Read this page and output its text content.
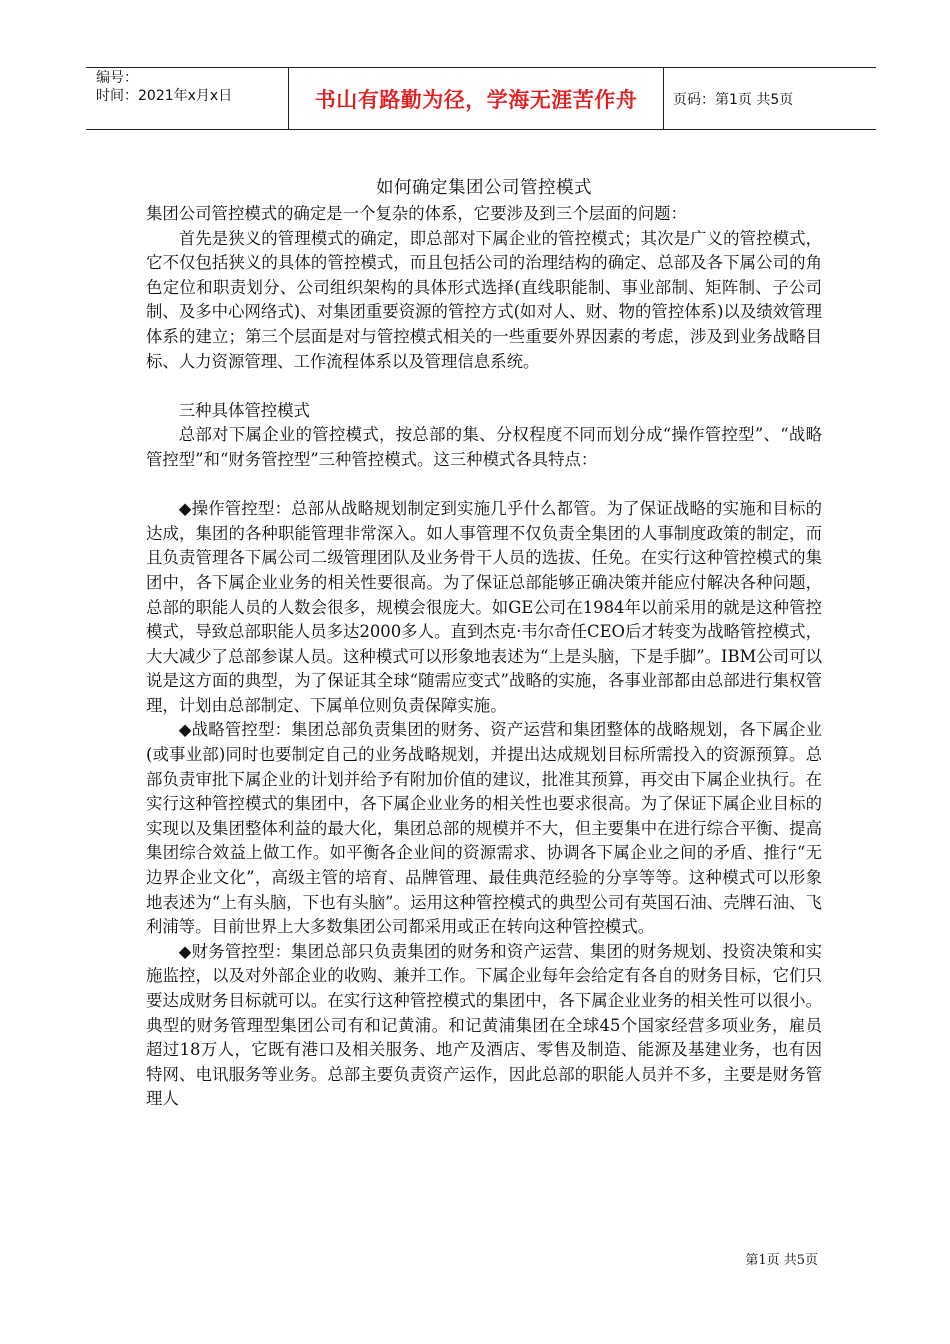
编号：
时间：2021年x月x日	书山有路勤为径，学海无涯苦作舟	页码：第1页 共5页
如何确定集团公司管控模式

集团公司管控模式的确定是一个复杂的体系，它要涉及到三个层面的问题：

首先是狭义的管理模式的确定，即总部对下属企业的管控模式；其次是广义的管控模式，它不仅包括狭义的具体的管控模式，而且包括公司的治理结构的确定、总部及各下属公司的角色定位和职责划分、公司组织架构的具体形式选择(直线职能制、事业部制、矩阵制、子公司制、及多中心网络式)、对集团重要资源的管控方式(如对人、财、物的管控体系)以及绩效管理体系的建立；第三个层面是对与管控模式相关的一些重要外界因素的考虑，涉及到业务战略目标、人力资源管理、工作流程体系以及管理信息系统。

三种具体管控模式

总部对下属企业的管控模式，按总部的集、分权程度不同而划分成“操作管控型”、“战略管控型”和“财务管控型”三种管控模式。这三种模式各具特点：

◆操作管控型：总部从战略规划制定到实施几乎什么都管。为了保证战略的实施和目标的达成，集团的各种职能管理非常深入。如人事管理不仅负责全集团的人事制度政策的制定，而且负责管理各下属公司二级管理团队及业务骨干人员的选拔、任免。在实行这种管控模式的集团中，各下属企业业务的相关性要很高。为了保证总部能够正确决策并能应付解决各种问题，总部的职能人员的人数会很多，规模会很庞大。如GE公司在1984年以前采用的就是这种管控模式，导致总部职能人员多达2000多人。直到杰克·韦尔奇任CEO后才转变为战略管控模式，大大减少了总部参谋人员。这种模式可以形象地表述为“上是头脑，下是手脚”。IBM公司可以说是这方面的典型，为了保证其全球“随需应变式”战略的实施，各事业部都由总部进行集权管理，计划由总部制定、下属单位则负责保障实施。

◆战略管控型：集团总部负责集团的财务、资产运营和集团整体的战略规划，各下属企业(或事业部)同时也要制定自己的业务战略规划，并提出达成规划目标所需投入的资源预算。总部负责审批下属企业的计划并给予有附加价值的建议，批准其预算，再交由下属企业执行。在实行这种管控模式的集团中，各下属企业业务的相关性也要求很高。为了保证下属企业目标的实现以及集团整体利益的最大化，集团总部的规模并不大，但主要集中在进行综合平衡、提高集团综合效益上做工作。如平衡各企业间的资源需求、协调各下属企业之间的矛盾、推行“无边界企业文化”，高级主管的培育、品牌管理、最佳典范经验的分享等等。这种模式可以形象地表述为“上有头脑，下也有头脑”。运用这种管控模式的典型公司有英国石油、壳牌石油、飞利浦等。目前世界上大多数集团公司都采用或正在转向这种管控模式。

◆财务管控型：集团总部只负责集团的财务和资产运营、集团的财务规划、投资决策和实施监控，以及对外部企业的收购、兼并工作。下属企业每年会给定有各自的财务目标，它们只要达成财务目标就可以。在实行这种管控模式的集团中，各下属企业业务的相关性可以很小。典型的财务管理型集团公司有和记黄浦。和记黄浦集团在全球45个国家经营多项业务，雇员超过18万人，它既有港口及相关服务、地产及酒店、零售及制造、能源及基建业务，也有因特网、电讯服务等业务。总部主要负责资产运作，因此总部的职能人员并不多，主要是财务管理人

第1页 共5页
